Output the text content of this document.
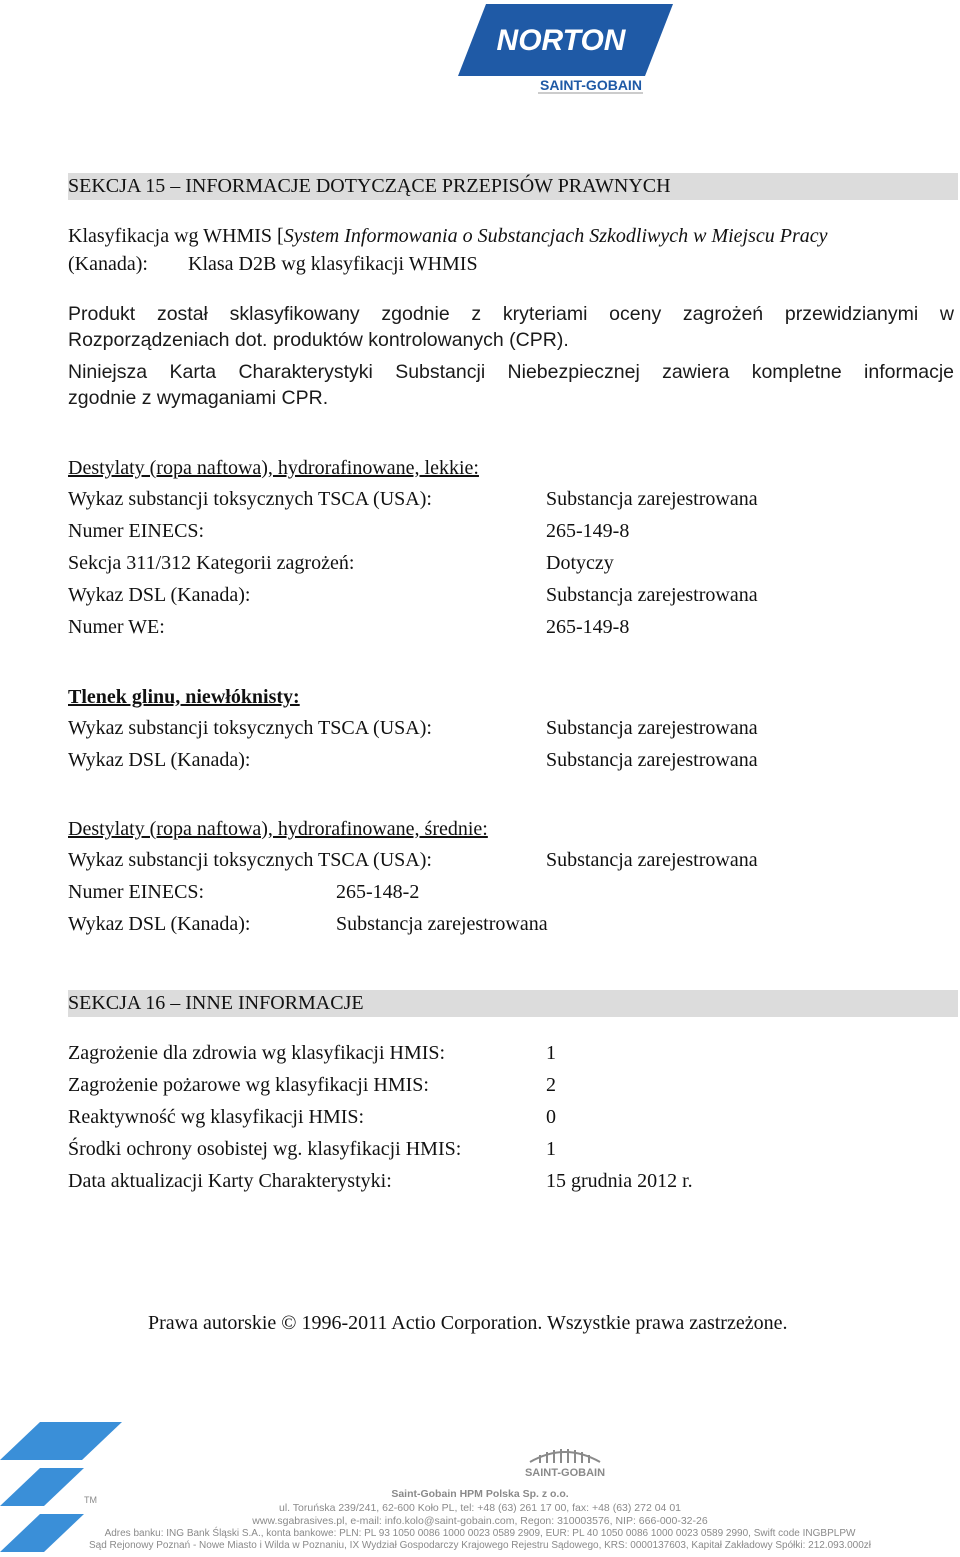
NORTON
SAINT-GOBAIN
SEKCJA 15 – INFORMACJE DOTYCZĄCE PRZEPISÓW PRAWNYCH
Klasyfikacja wg WHMIS [System Informowania o Substancjach Szkodliwych w Miejscu Pracy
(Kanada): Klasa D2B wg klasyfikacji WHMIS
Produkt został sklasyfikowany zgodnie z kryteriami oceny zagrożeń przewidzianymi w
Rozporządzeniach dot. produktów kontrolowanych (CPR).
Niniejsza Karta Charakterystyki Substancji Niebezpiecznej zawiera kompletne informacje
zgodnie z wymaganiami CPR.
Destylaty (ropa naftowa), hydrorafinowane, lekkie:
Wykaz substancji toksycznych TSCA (USA):	Substancja zarejestrowana
Numer EINECS:	265-149-8
Sekcja 311/312 Kategorii zagrożeń:	Dotyczy
Wykaz DSL (Kanada):	Substancja zarejestrowana
Numer WE:	265-149-8
Tlenek glinu, niewłóknisty:
Wykaz substancji toksycznych TSCA (USA):	Substancja zarejestrowana
Wykaz DSL (Kanada):	Substancja zarejestrowana
Destylaty (ropa naftowa), hydrorafinowane, średnie:
Wykaz substancji toksycznych TSCA (USA):	Substancja zarejestrowana
Numer EINECS:	265-148-2
Wykaz DSL (Kanada):	Substancja zarejestrowana
SEKCJA 16 – INNE INFORMACJE
Zagrożenie dla zdrowia wg klasyfikacji HMIS:	1
Zagrożenie pożarowe wg klasyfikacji HMIS:	2
Reaktywność wg klasyfikacji HMIS:	0
Środki ochrony osobistej wg. klasyfikacji HMIS:	1
Data aktualizacji Karty Charakterystyki:	15 grudnia 2012 r.
Prawa autorskie © 1996-2011 Actio Corporation. Wszystkie prawa zastrzeżone.
TM
SAINT-GOBAIN
Saint-Gobain HPM Polska Sp. z o.o.
ul. Toruńska 239/241, 62-600 Koło PL, tel: +48 (63) 261 17 00, fax: +48 (63) 272 04 01
www.sgabrasives.pl, e-mail: info.kolo@saint-gobain.com, Regon: 310003576, NIP: 666-000-32-26
Adres banku: ING Bank Śląski S.A., konta bankowe: PLN: PL 93 1050 0086 1000 0023 0589 2909, EUR: PL 40 1050 0086 1000 0023 0589 2990, Swift code INGBPLPW
Sąd Rejonowy Poznań - Nowe Miasto i Wilda w Poznaniu, IX Wydział Gospodarczy Krajowego Rejestru Sądowego, KRS: 0000137603, Kapitał Zakładowy Spółki: 212.093.000zł
